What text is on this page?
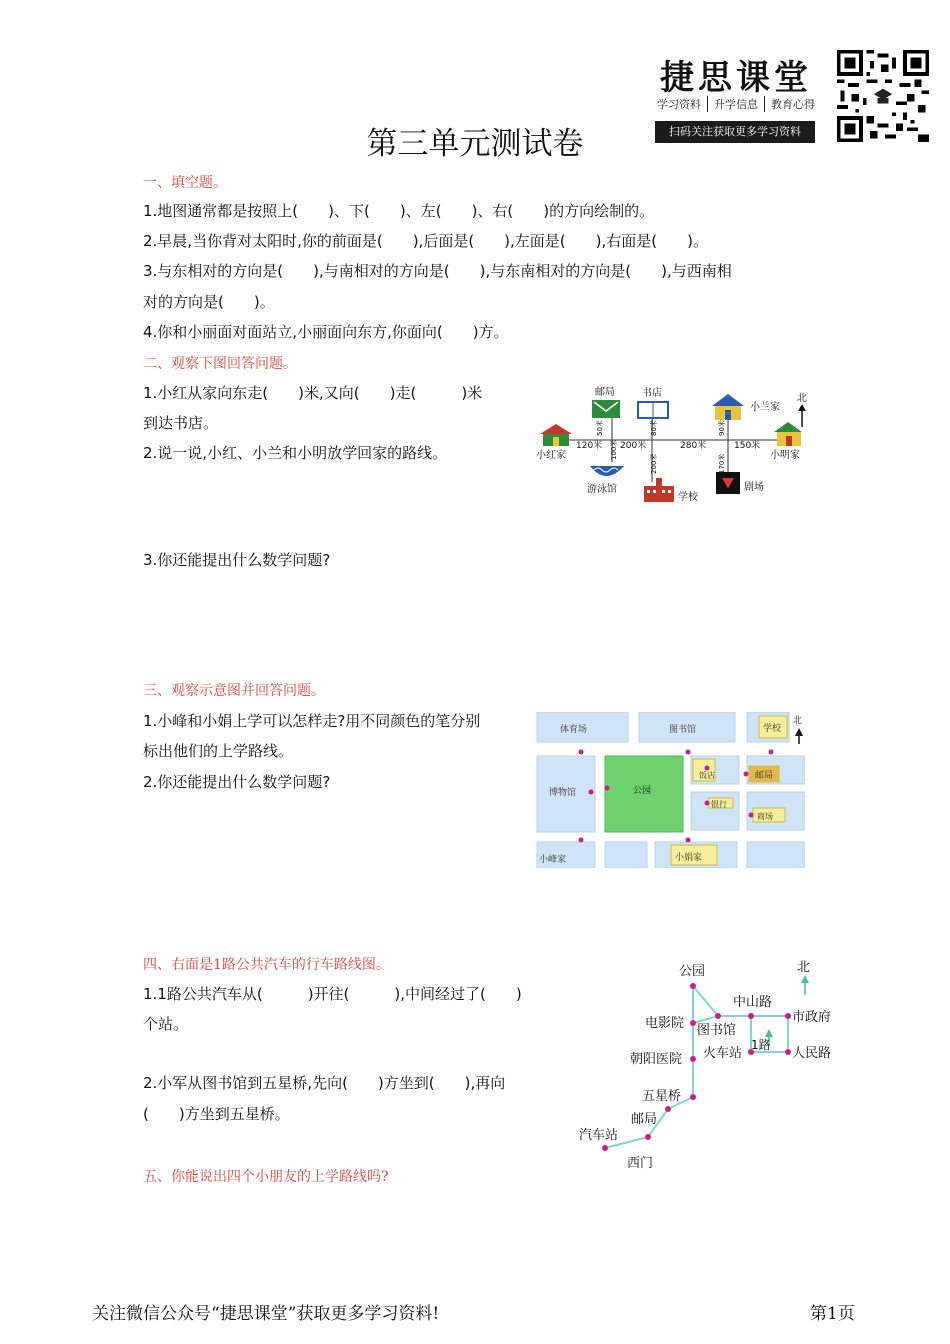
捷思课堂
学习资料	升学信息	教育心得
扫码关注获取更多学习资料
第三单元测试卷
一、填空题。
1.地图通常都是按照上(　　)、下(　　)、左(　　)、右(　　)的方向绘制的。
2.早晨,当你背对太阳时,你的前面是(　　),后面是(　　),左面是(　　),右面是(　　)。
3.与东相对的方向是(　　),与南相对的方向是(　　),与东南相对的方向是(　　),与西南相
对的方向是(　　)。
4.你和小丽面对面站立,小丽面向东方,你面向(　　)方。
二、观察下图回答问题。
1.小红从家向东走(　　)米,又向(　　)走(　　　)米
到达书店。
2.说一说,小红、小兰和小明放学回家的路线。
3.你还能提出什么数学问题?
北
邮局	书店
小兰家
小红家
游泳馆
学校
剧场
小明家
120米
50米
100米 200米
80米
200米
280米
90米
170米
150米
三、观察示意图并回答问题。
1.小峰和小娟上学可以怎样走?用不同颜色的笔分别
标出他们的上学路线。
2.你还能提出什么数学问题?
体育场	图书馆	学校
博物馆	公园
饭店	邮局
银行
商场
小峰家	小娟家
北
四、右面是1路公共汽车的行车路线图。
1.1路公共汽车从(　　　)开往(　　　),中间经过了(　　)
个站。
2.小军从图书馆到五星桥,先向(　　)方坐到(　　),再向
(　　)方坐到五星桥。
北
1路
公园
中山路
市政府
电影院 图书馆
朝阳医院 火车站	人民路
五星桥
邮局
汽车站
西门
五、你能说出四个小朋友的上学路线吗?
关注微信公众号“捷思课堂”获取更多学习资料!	第1页
